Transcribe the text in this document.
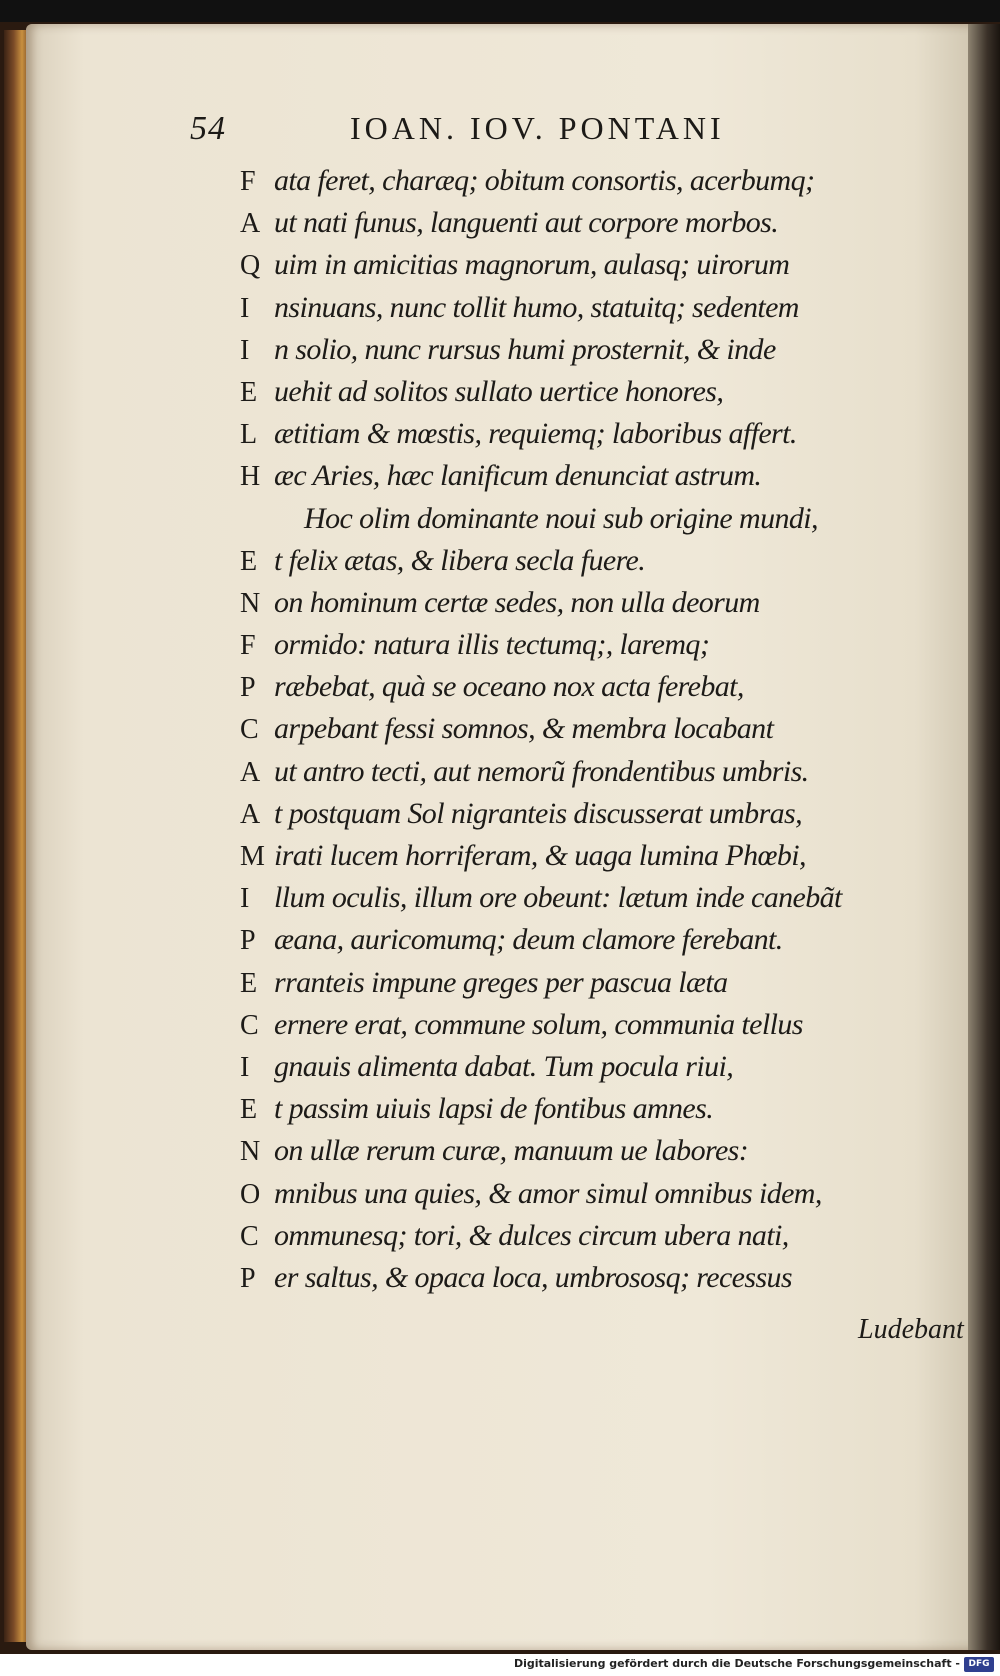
54	IOAN. IOV. PONTANI
F ata feret, charæq; obitum consortis, acerbumq;
A ut nati funus, languenti aut corpore morbos.
Q uim in amicitias magnorum, aulasq; uirorum
I nsinuans, nunc tollit humo, statuitq; sedentem
I n solio, nunc rursus humi prosternit, & inde
E uehit ad solitos sullato uertice honores,
L ætitiam & mœstis, requiemq; laboribus affert.
H æc Aries, hæc lanificum denunciat astrum.
Hoc olim dominante noui sub origine mundi,
E t felix ætas, & libera secla fuere.
N on hominum certæ sedes, non ulla deorum
F ormido: natura illis tectumq;, laremq;
P ræbebat, quà se oceano nox acta ferebat,
C arpebant fessi somnos, & membra locabant
A ut antro tecti, aut nemorũ frondentibus umbris.
A t postquam Sol nigranteis discusserat umbras,
M irati lucem horriferam, & uaga lumina Phœbi,
I llum oculis, illum ore obeunt: lætum inde canebãt
P æana, auricomumq; deum clamore ferebant.
E rranteis impune greges per pascua læta
C ernere erat, commune solum, communia tellus
I gnauis alimenta dabat. Tum pocula riui,
E t passim uiuis lapsi de fontibus amnes.
N on ullæ rerum curæ, manuum ue labores:
O mnibus una quies, & amor simul omnibus idem,
C ommunesq; tori, & dulces circum ubera nati,
P er saltus, & opaca loca, umbrososq; recessus
Ludebant
Digitalisierung gefördert durch die Deutsche Forschungsgemeinschaft - DFG
